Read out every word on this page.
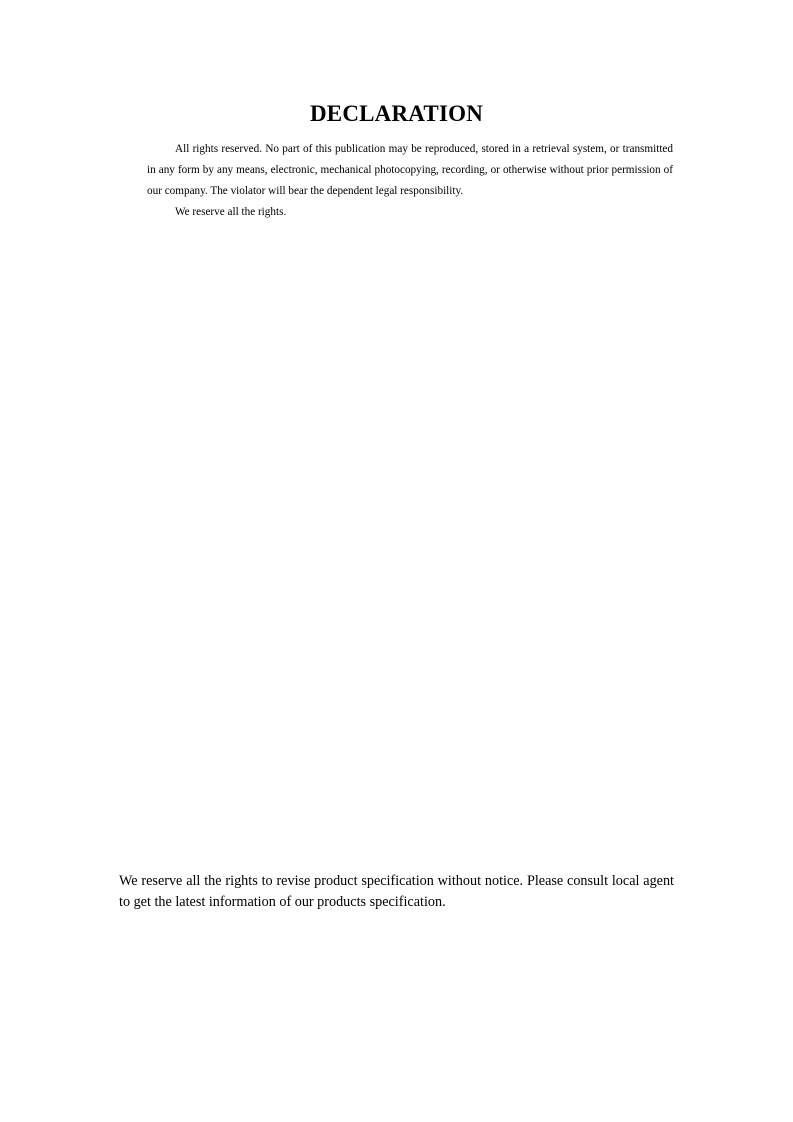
DECLARATION

All rights reserved. No part of this publication may be reproduced, stored in a retrieval system, or transmitted in any form by any means, electronic, mechanical photocopying, recording, or otherwise without prior permission of our company. The violator will bear the dependent legal responsibility.

We reserve all the rights.

We reserve all the rights to revise product specification without notice. Please consult local agent to get the latest information of our products specification.
